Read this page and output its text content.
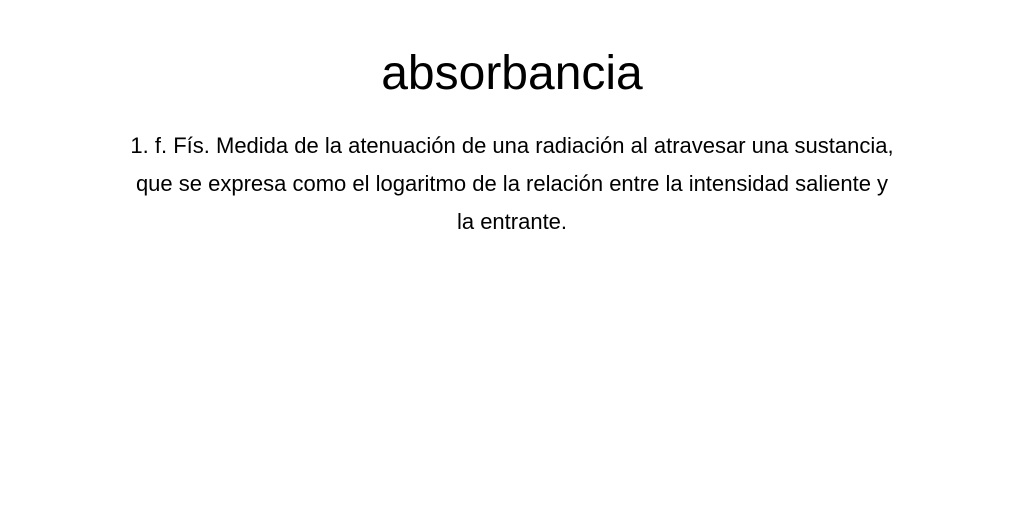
absorbancia

1. f. Fís. Medida de la atenuación de una radiación al atravesar una sustancia,
que se expresa como el logaritmo de la relación entre la intensidad saliente y
la entrante.
